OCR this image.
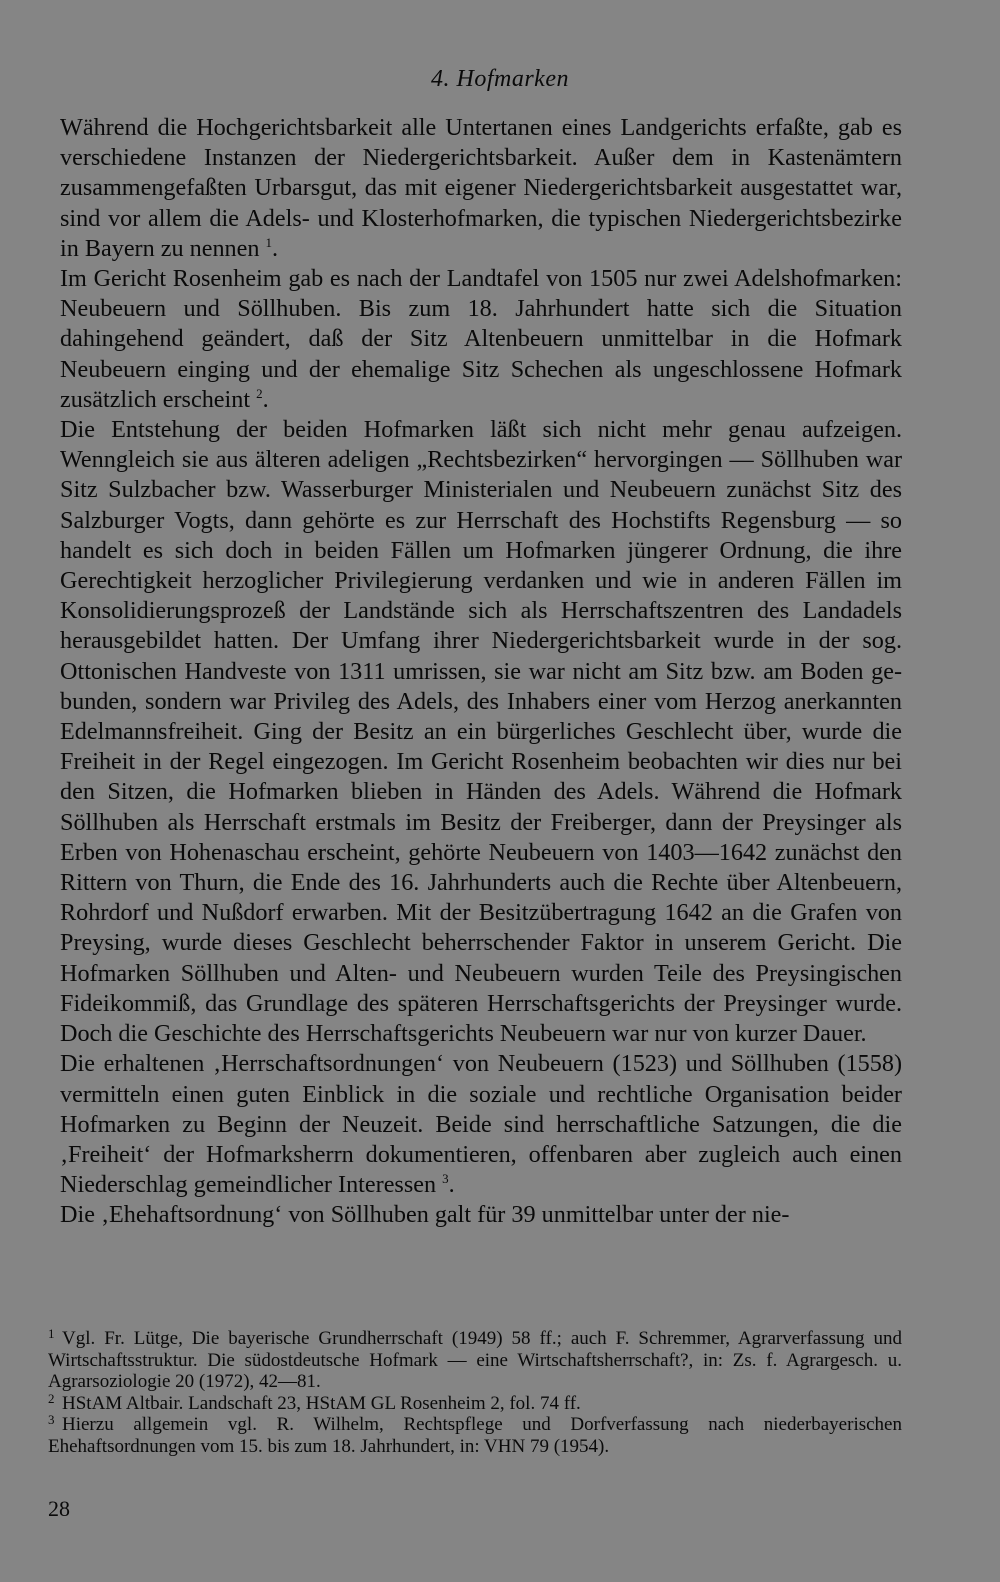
4. Hofmarken

Während die Hochgerichtsbarkeit alle Untertanen eines Landgerichts erfaßte, gab es verschiedene Instanzen der Niedergerichtsbarkeit. Außer dem in Kastenämtern zusammengefaßten Urbarsgut, das mit eigener Niedergerichtsbarkeit ausgestattet war, sind vor allem die Adels- und Klosterhofmarken, die typischen Niedergerichtsbezirke in Bayern zu nennen $^1$.

Im Gericht Rosenheim gab es nach der Landtafel von 1505 nur zwei Adelshofmarken: Neubeuern und Söllhuben. Bis zum 18. Jahrhundert hatte sich die Situation dahingehend geändert, daß der Sitz Altenbeuern unmittelbar in die Hofmark Neubeuern einging und der ehemalige Sitz Schechen als ungeschlossene Hofmark zusätzlich erscheint $^2$.

Die Entstehung der beiden Hofmarken läßt sich nicht mehr genau aufzeigen. Wenngleich sie aus älteren adeligen „Rechtsbezirken“ hervorgingen — Söllhuben war Sitz Sulzbacher bzw. Wasserburger Ministerialen und Neubeuern zunächst Sitz des Salzburger Vogts, dann gehörte es zur Herrschaft des Hochstifts Regensburg — so handelt es sich doch in beiden Fällen um Hofmarken jüngerer Ordnung, die ihre Gerechtigkeit herzoglicher Privilegierung verdanken und wie in anderen Fällen im Konsolidierungsprozeß der Landstände sich als Herrschaftszentren des Landadels herausgebildet hatten. Der Umfang ihrer Niedergerichtsbarkeit wurde in der sog. Ottonischen Handveste von 1311 umrissen, sie war nicht am Sitz bzw. am Boden gebunden, sondern war Privileg des Adels, des Inhabers einer vom Herzog anerkannten Edelmannsfreiheit. Ging der Besitz an ein bürgerliches Geschlecht über, wurde die Freiheit in der Regel eingezogen. Im Gericht Rosenheim beobachten wir dies nur bei den Sitzen, die Hofmarken blieben in Händen des Adels. Während die Hofmark Söllhuben als Herrschaft erstmals im Besitz der Freiberger, dann der Preysinger als Erben von Hohenaschau erscheint, gehörte Neubeuern von 1403—1642 zunächst den Rittern von Thurn, die Ende des 16. Jahrhunderts auch die Rechte über Altenbeuern, Rohrdorf und Nußdorf erwarben. Mit der Besitzübertragung 1642 an die Grafen von Preysing, wurde dieses Geschlecht beherrschender Faktor in unserem Gericht. Die Hofmarken Söllhuben und Alten- und Neubeuern wurden Teile des Preysingischen Fideikommiß, das Grundlage des späteren Herrschaftsgerichts der Preysinger wurde. Doch die Geschichte des Herrschaftsgerichts Neubeuern war nur von kurzer Dauer.

Die erhaltenen ‚Herrschaftsordnungen‘ von Neubeuern (1523) und Söllhuben (1558) vermitteln einen guten Einblick in die soziale und rechtliche Organisation beider Hofmarken zu Beginn der Neuzeit. Beide sind herrschaftliche Satzungen, die die ‚Freiheit‘ der Hofmarksherrn dokumentieren, offenbaren aber zugleich auch einen Niederschlag gemeindlicher Interessen $^3$.

Die ‚Ehehaftsordnung‘ von Söllhuben galt für 39 unmittelbar unter der nie-

1 Vgl. Fr. Lütge, Die bayerische Grundherrschaft (1949) 58 ff.; auch F. Schremmer, Agrarverfassung und Wirtschaftsstruktur. Die südostdeutsche Hofmark — eine Wirtschaftsherrschaft?, in: Zs. f. Agrargesch. u. Agrarsoziologie 20 (1972), 42—81.

2 HStAM Altbair. Landschaft 23, HStAM GL Rosenheim 2, fol. 74 ff.

3 Hierzu allgemein vgl. R. Wilhelm, Rechtspflege und Dorfverfassung nach niederbayerischen Ehehaftsordnungen vom 15. bis zum 18. Jahrhundert, in: VHN 79 (1954).

28
